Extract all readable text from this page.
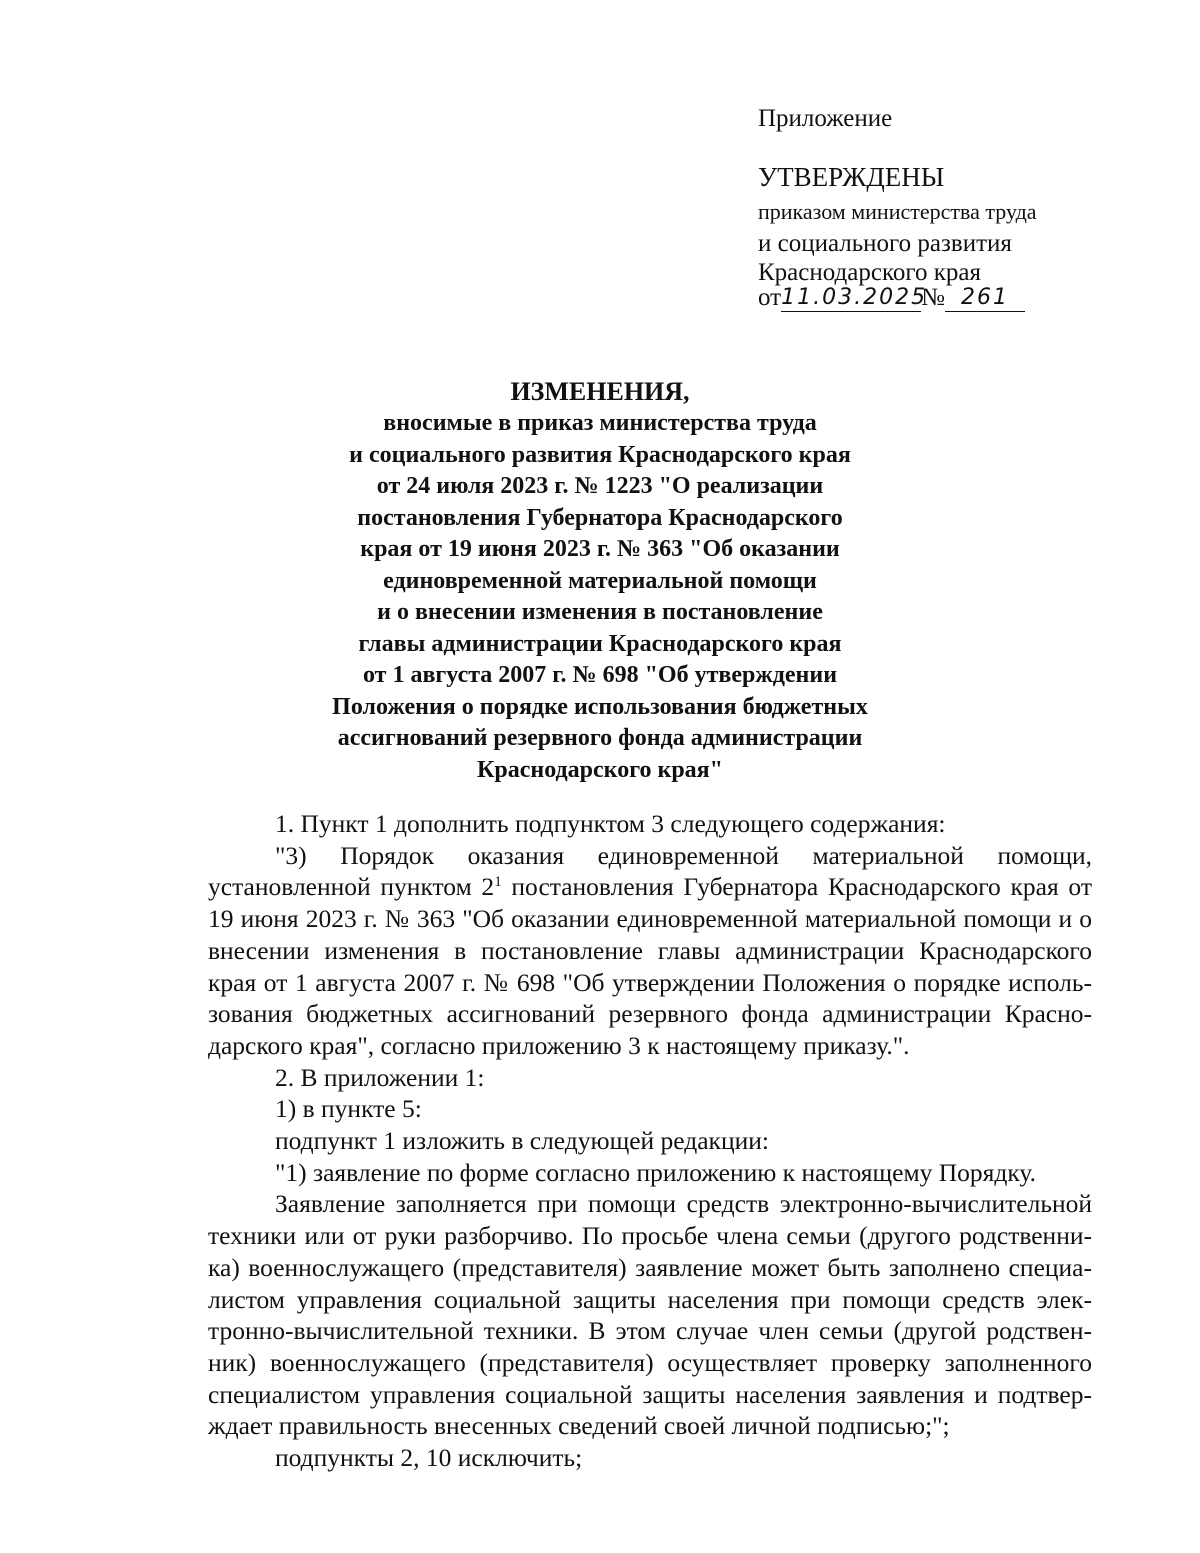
Приложение
УТВЕРЖДЕНЫ
приказом министерства труда
и социального развития
Краснодарского края
от 11.03.2025
№ 261
ИЗМЕНЕНИЯ,
вносимые в приказ министерства труда
и социального развития Краснодарского края
от 24 июля 2023 г. № 1223 "О реализации
постановления Губернатора Краснодарского
края от 19 июня 2023 г. № 363 "Об оказании
единовременной материальной помощи
и о внесении изменения в постановление
главы администрации Краснодарского края
от 1 августа 2007 г. № 698 "Об утверждении
Положения о порядке использования бюджетных
ассигнований резервного фонда администрации
Краснодарского края"

1. Пункт 1 дополнить подпунктом 3 следующего содержания:

"3) Порядок оказания единовременной материальной помощи, установленной пунктом $2^1$ постановления Губернатора Краснодарского края от 19 июня 2023 г. № 363 "Об оказании единовременной материальной помощи и о внесении изменения в постановление главы администрации Краснодарского края от 1 августа 2007 г. № 698 "Об утверждении Положения о порядке использования бюджетных ассигнований резервного фонда администрации Краснодарского края", согласно приложению 3 к настоящему приказу.".

2. В приложении 1:

1) в пункте 5:

подпункт 1 изложить в следующей редакции:

"1) заявление по форме согласно приложению к настоящему Порядку.

Заявление заполняется при помощи средств электронно-вычислительной техники или от руки разборчиво. По просьбе члена семьи (другого родственника) военнослужащего (представителя) заявление может быть заполнено специалистом управления социальной защиты населения при помощи средств электронно-вычислительной техники. В этом случае член семьи (другой родственник) военнослужащего (представителя) осуществляет проверку заполненного специалистом управления социальной защиты населения заявления и подтверждает правильность внесенных сведений своей личной подписью;";

подпункты 2, 10 исключить;
